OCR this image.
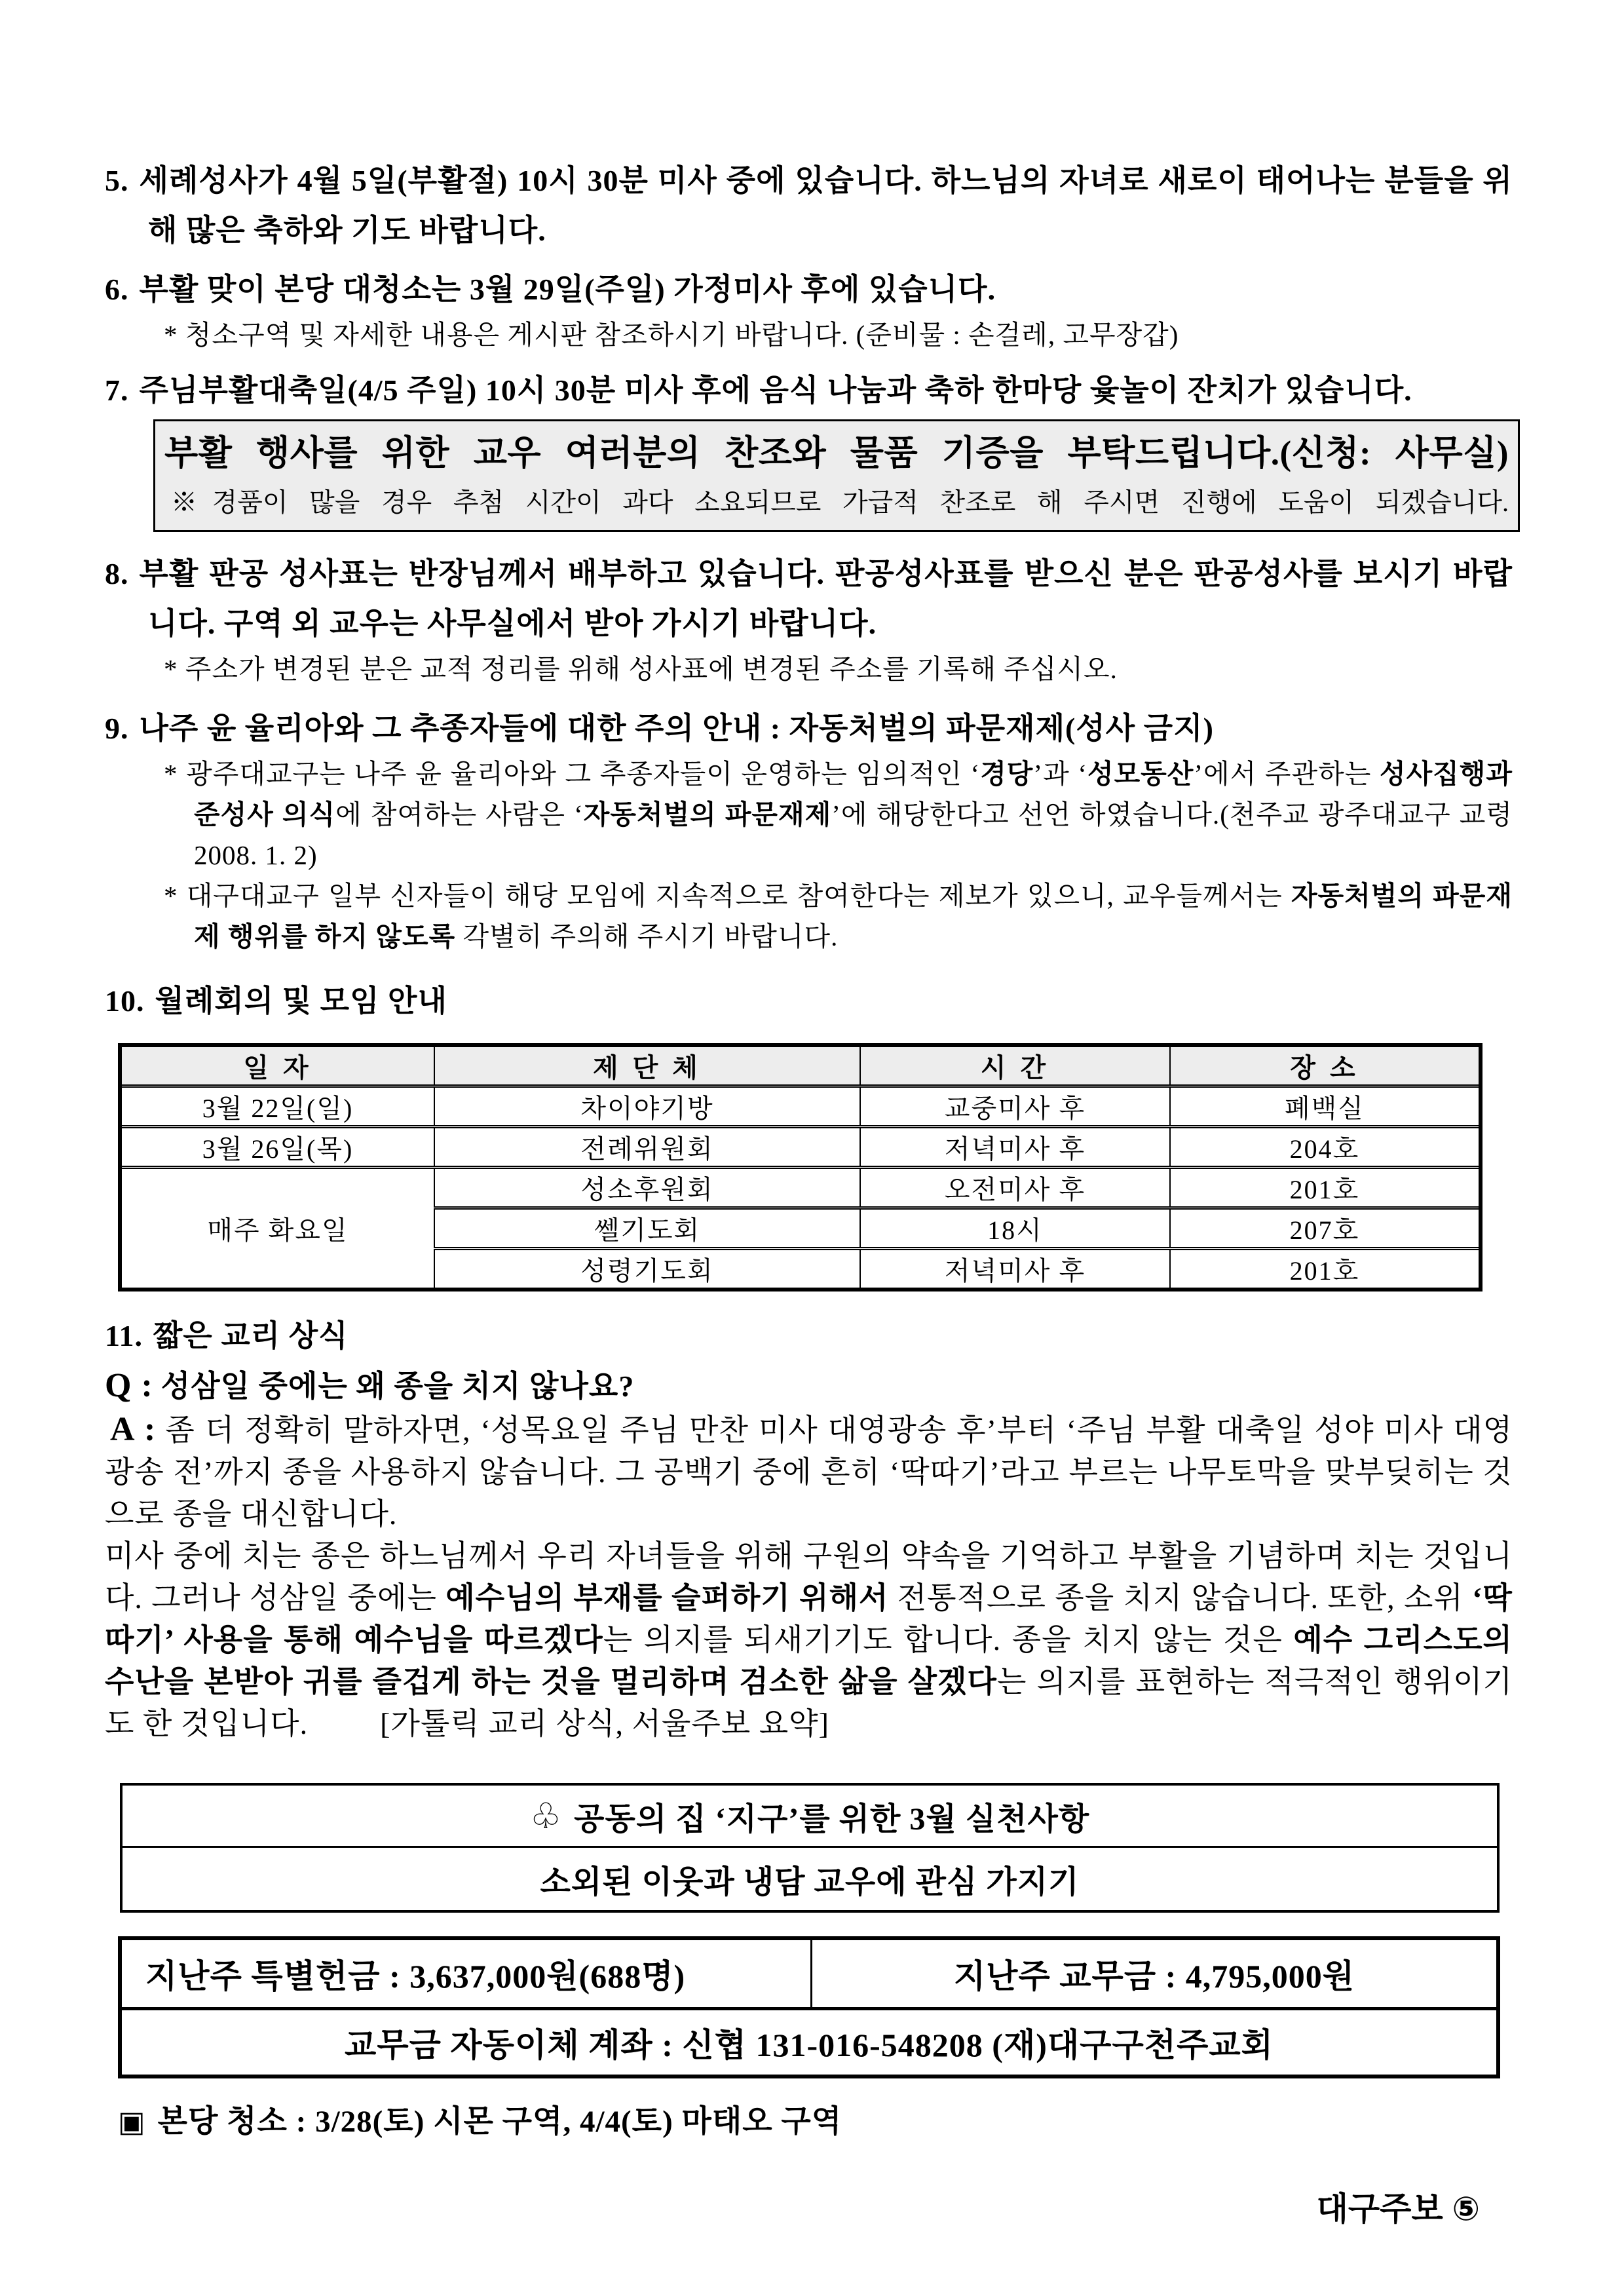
5. 세례성사가 4월 5일(부활절) 10시 30분 미사 중에 있습니다. 하느님의 자녀로 새로이 태어나는 분들을 위해 많은 축하와 기도 바랍니다.
6. 부활 맞이 본당 대청소는 3월 29일(주일) 가정미사 후에 있습니다.
* 청소구역 및 자세한 내용은 게시판 참조하시기 바랍니다. (준비물 : 손걸레, 고무장갑)
7. 주님부활대축일(4/5 주일) 10시 30분 미사 후에 음식 나눔과 축하 한마당 윷놀이 잔치가 있습니다.
부활 행사를 위한 교우 여러분의 찬조와 물품 기증을 부탁드립니다.(신청: 사무실)
※경품이 많을 경우 추첨 시간이 과다 소요되므로 가급적 찬조로 해 주시면 진행에 도움이 되겠습니다.
8. 부활 판공 성사표는 반장님께서 배부하고 있습니다. 판공성사표를 받으신 분은 판공성사를 보시기 바랍니다. 구역 외 교우는 사무실에서 받아 가시기 바랍니다.
* 주소가 변경된 분은 교적 정리를 위해 성사표에 변경된 주소를 기록해 주십시오.
9. 나주 윤 율리아와 그 추종자들에 대한 주의 안내 : 자동처벌의 파문재제(성사 금지)
* 광주대교구는 나주 윤 율리아와 그 추종자들이 운영하는 임의적인 ‘경당’과 ‘성모동산’에서 주관하는 성사집행과 준성사 의식에 참여하는 사람은 ‘자동처벌의 파문재제’에 해당한다고 선언 하였습니다.(천주교 광주대교구 교령 2008. 1. 2)
* 대구대교구 일부 신자들이 해당 모임에 지속적으로 참여한다는 제보가 있으니, 교우들께서는 자동처벌의 파문재제 행위를 하지 않도록 각별히 주의해 주시기 바랍니다.
10. 월례회의 및 모임 안내
일 자	제 단 체	시 간	장 소
3월 22일(일)	차이야기방	교중미사 후	폐백실
3월 26일(목)	전례위원회	저녁미사 후	204호
매주 화요일	성소후원회	오전미사 후	201호
	쎌기도회	18시	207호
	성령기도회	저녁미사 후	201호
11. 짧은 교리 상식
Q : 성삼일 중에는 왜 종을 치지 않나요?
A : 좀 더 정확히 말하자면, ‘성목요일 주님 만찬 미사 대영광송 후’부터 ‘주님 부활 대축일 성야 미사 대영광송 전’까지 종을 사용하지 않습니다. 그 공백기 중에 흔히 ‘딱따기’라고 부르는 나무토막을 맞부딪히는 것으로 종을 대신합니다.
미사 중에 치는 종은 하느님께서 우리 자녀들을 위해 구원의 약속을 기억하고 부활을 기념하며 치는 것입니다. 그러나 성삼일 중에는 예수님의 부재를 슬퍼하기 위해서 전통적으로 종을 치지 않습니다. 또한, 소위 ‘딱따기’ 사용을 통해 예수님을 따르겠다는 의지를 되새기기도 합니다. 종을 치지 않는 것은 예수 그리스도의 수난을 본받아 귀를 즐겁게 하는 것을 멀리하며 검소한 삶을 살겠다는 의지를 표현하는 적극적인 행위이기도 한 것입니다. [가톨릭 교리 상식, 서울주보 요약]
♧ 공동의 집 ‘지구’를 위한 3월 실천사항
소외된 이웃과 냉담 교우에 관심 가지기
지난주 특별헌금 : 3,637,000원(688명)	지난주 교무금 : 4,795,000원
교무금 자동이체 계좌 : 신협 131-016-548208 (재)대구구천주교회
▣ 본당 청소 : 3/28(토) 시몬 구역, 4/4(토) 마태오 구역
대구주보 ⑤
